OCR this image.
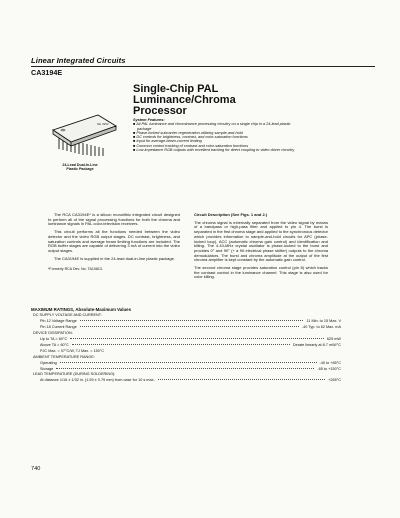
Linear Integrated Circuits
CA3194E
Single-Chip PAL
Luminance/Chroma
Processor
NE 3952
24-Lead Dual-In-Line
Plastic Package
System Features:
■ All PAL luminance and chrominance processing circuitry on a single chip in a 24-lead plastic package
■ Phase-locked subcarrier regeneration utilizing sample-and-hold
■ DC controls for brightness, contrast, and color-saturation functions
■ Input for average-beam-current limiting
■ Common control tracking of contrast and color-saturation functions
■ Low-impedance RGB outputs with excellent tracking for direct coupling to video driver circuitry

The RCA CA3194E* is a silicon monolithic integrated circuit designed to perform all of the signal processing functions for both the chroma and luminance signals in PAL color-television receivers.

This circuit performs all the functions needed between the video detector and the video RGB output stages. DC contrast, brightness, and saturation controls and average beam limiting functions are included. The RGB buffer stages are capable of delivering 3 mA of current into the video output stages.

The CA3194E is supplied in the 24-lead dual-in-line plastic package.

*Formerly RCA Dev. No. TA10813.

Circuit Description (See Figs. 1 and 2.)

The chroma signal is externally separated from the video signal by means of a bandpass or high-pass filter and applied to pin 4. The burst is separated in the first chroma stage and applied to the synchronous detector which provides information to sample-and-hold circuits for APC (phase-locked loop), ACC (automatic chroma gain control) and identification and killing. The 4.43-MHz crystal oscillator is phase-locked to the burst and provides 0° and 90° (+ a 90 electrical phase shifter) outputs to the chroma demodulators. The burst and chroma amplitude at the output of the first chroma amplifier is kept constant by the automatic gain control.

The second chroma stage provides saturation control (pin 8) which tracks the contrast control in the luminance channel. This stage is also used for color killing.

MAXIMUM RATINGS, Absolute-Maximum Values
DC SUPPLY VOLTAGE AND CURRENT:
Pin 12 Voltage Range	11 Min. to 15 Max. V
Pin 18 Current Range	-40 Typ. to 62 Max. mA
DEVICE DISSIPATION:
Up to TA = 60°C	625 mW
Above TA = 60°C	Derate linearly at 8.7 mW/°C
PJC Max. = 97°C/W, TJ Max. = 150°C
AMBIENT TEMPERATURE RANGE:
Operating	-40 to +85°C
Storage	-65 to +150°C
LEAD TEMPERATURE (DURING SOLDERING):
At distance 1/16 ± 1/32 in. (1.59 ± 0.79 mm) from case for 10 s max.	+265°C
740
